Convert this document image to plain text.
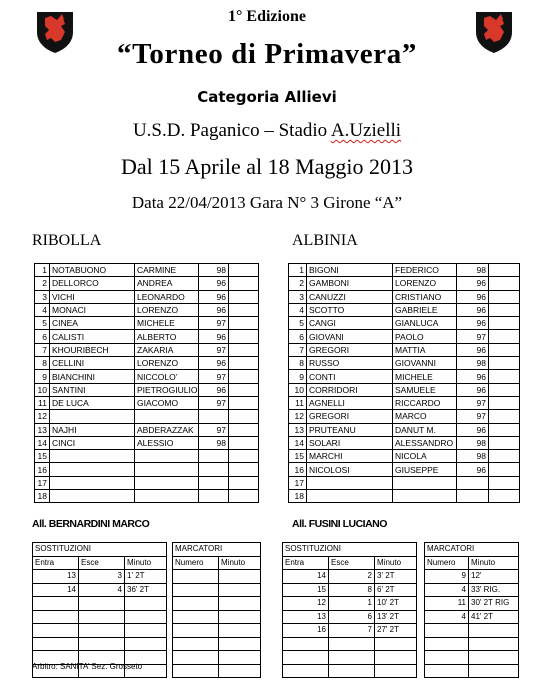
1° Edizione
“Torneo di Primavera”
Categoria Allievi
U.S.D. Paganico – Stadio A.Uzielli
Dal 15 Aprile al 18 Maggio 2013
Data 22/04/2013 Gara N° 3 Girone “A”
RIBOLLA	ALBINIA
1	NOTABUONO	CARMINE	98	
2	DELLORCO	ANDREA	96	
3	VICHI	LEONARDO	96	
4	MONACI	LORENZO	96	
5	CINEA	MICHELE	97	
6	CALISTI	ALBERTO	96	
7	KHOURIBECH	ZAKARIA	97	
8	CELLINI	LORENZO	96	
9	BIANCHINI	NICCOLO’	97	
10	SANTINI	PIETROGIULIO	96	
11	DE LUCA	GIACOMO	97	
12				
13	NAJHI	ABDERAZZAK	97	
14	CINCI	ALESSIO	98	
15				
16				
17				
18				
1	BIGONI	FEDERICO	98	
2	GAMBONI	LORENZO	96	
3	CANUZZI	CRISTIANO	96	
4	SCOTTO	GABRIELE	96	
5	CANGI	GIANLUCA	96	
6	GIOVANI	PAOLO	97	
7	GREGORI	MATTIA	96	
8	RUSSO	GIOVANNI	98	
9	CONTI	MICHELE	96	
10	CORRIDORI	SAMUELE	96	
11	AGNELLI	RICCARDO	97	
12	GREGORI	MARCO	97	
13	PRUTEANU	DANUT M.	96	
14	SOLARI	ALESSANDRO	98	
15	MARCHI	NICOLA	98	
16	NICOLOSI	GIUSEPPE	96	
17				
18				
All. BERNARDINI MARCO	All. FUSINI LUCIANO
SOSTITUZIONI		
Entra	Esce	Minuto
13	3	1' 2T
14	4	36' 2T

MARCATORI	
Numero	Minuto

SOSTITUZIONI		
Entra	Esce	Minuto
14	2	3' 2T
15	8	6' 2T
12	1	10' 2T
13	6	13' 2T
16	7	27' 2T

MARCATORI	
Numero	Minuto
9	12'
4	33' RIG.
11	30' 2T RIG
4	41' 2T

Arbitro: SANITA’ Sez. Grosseto
